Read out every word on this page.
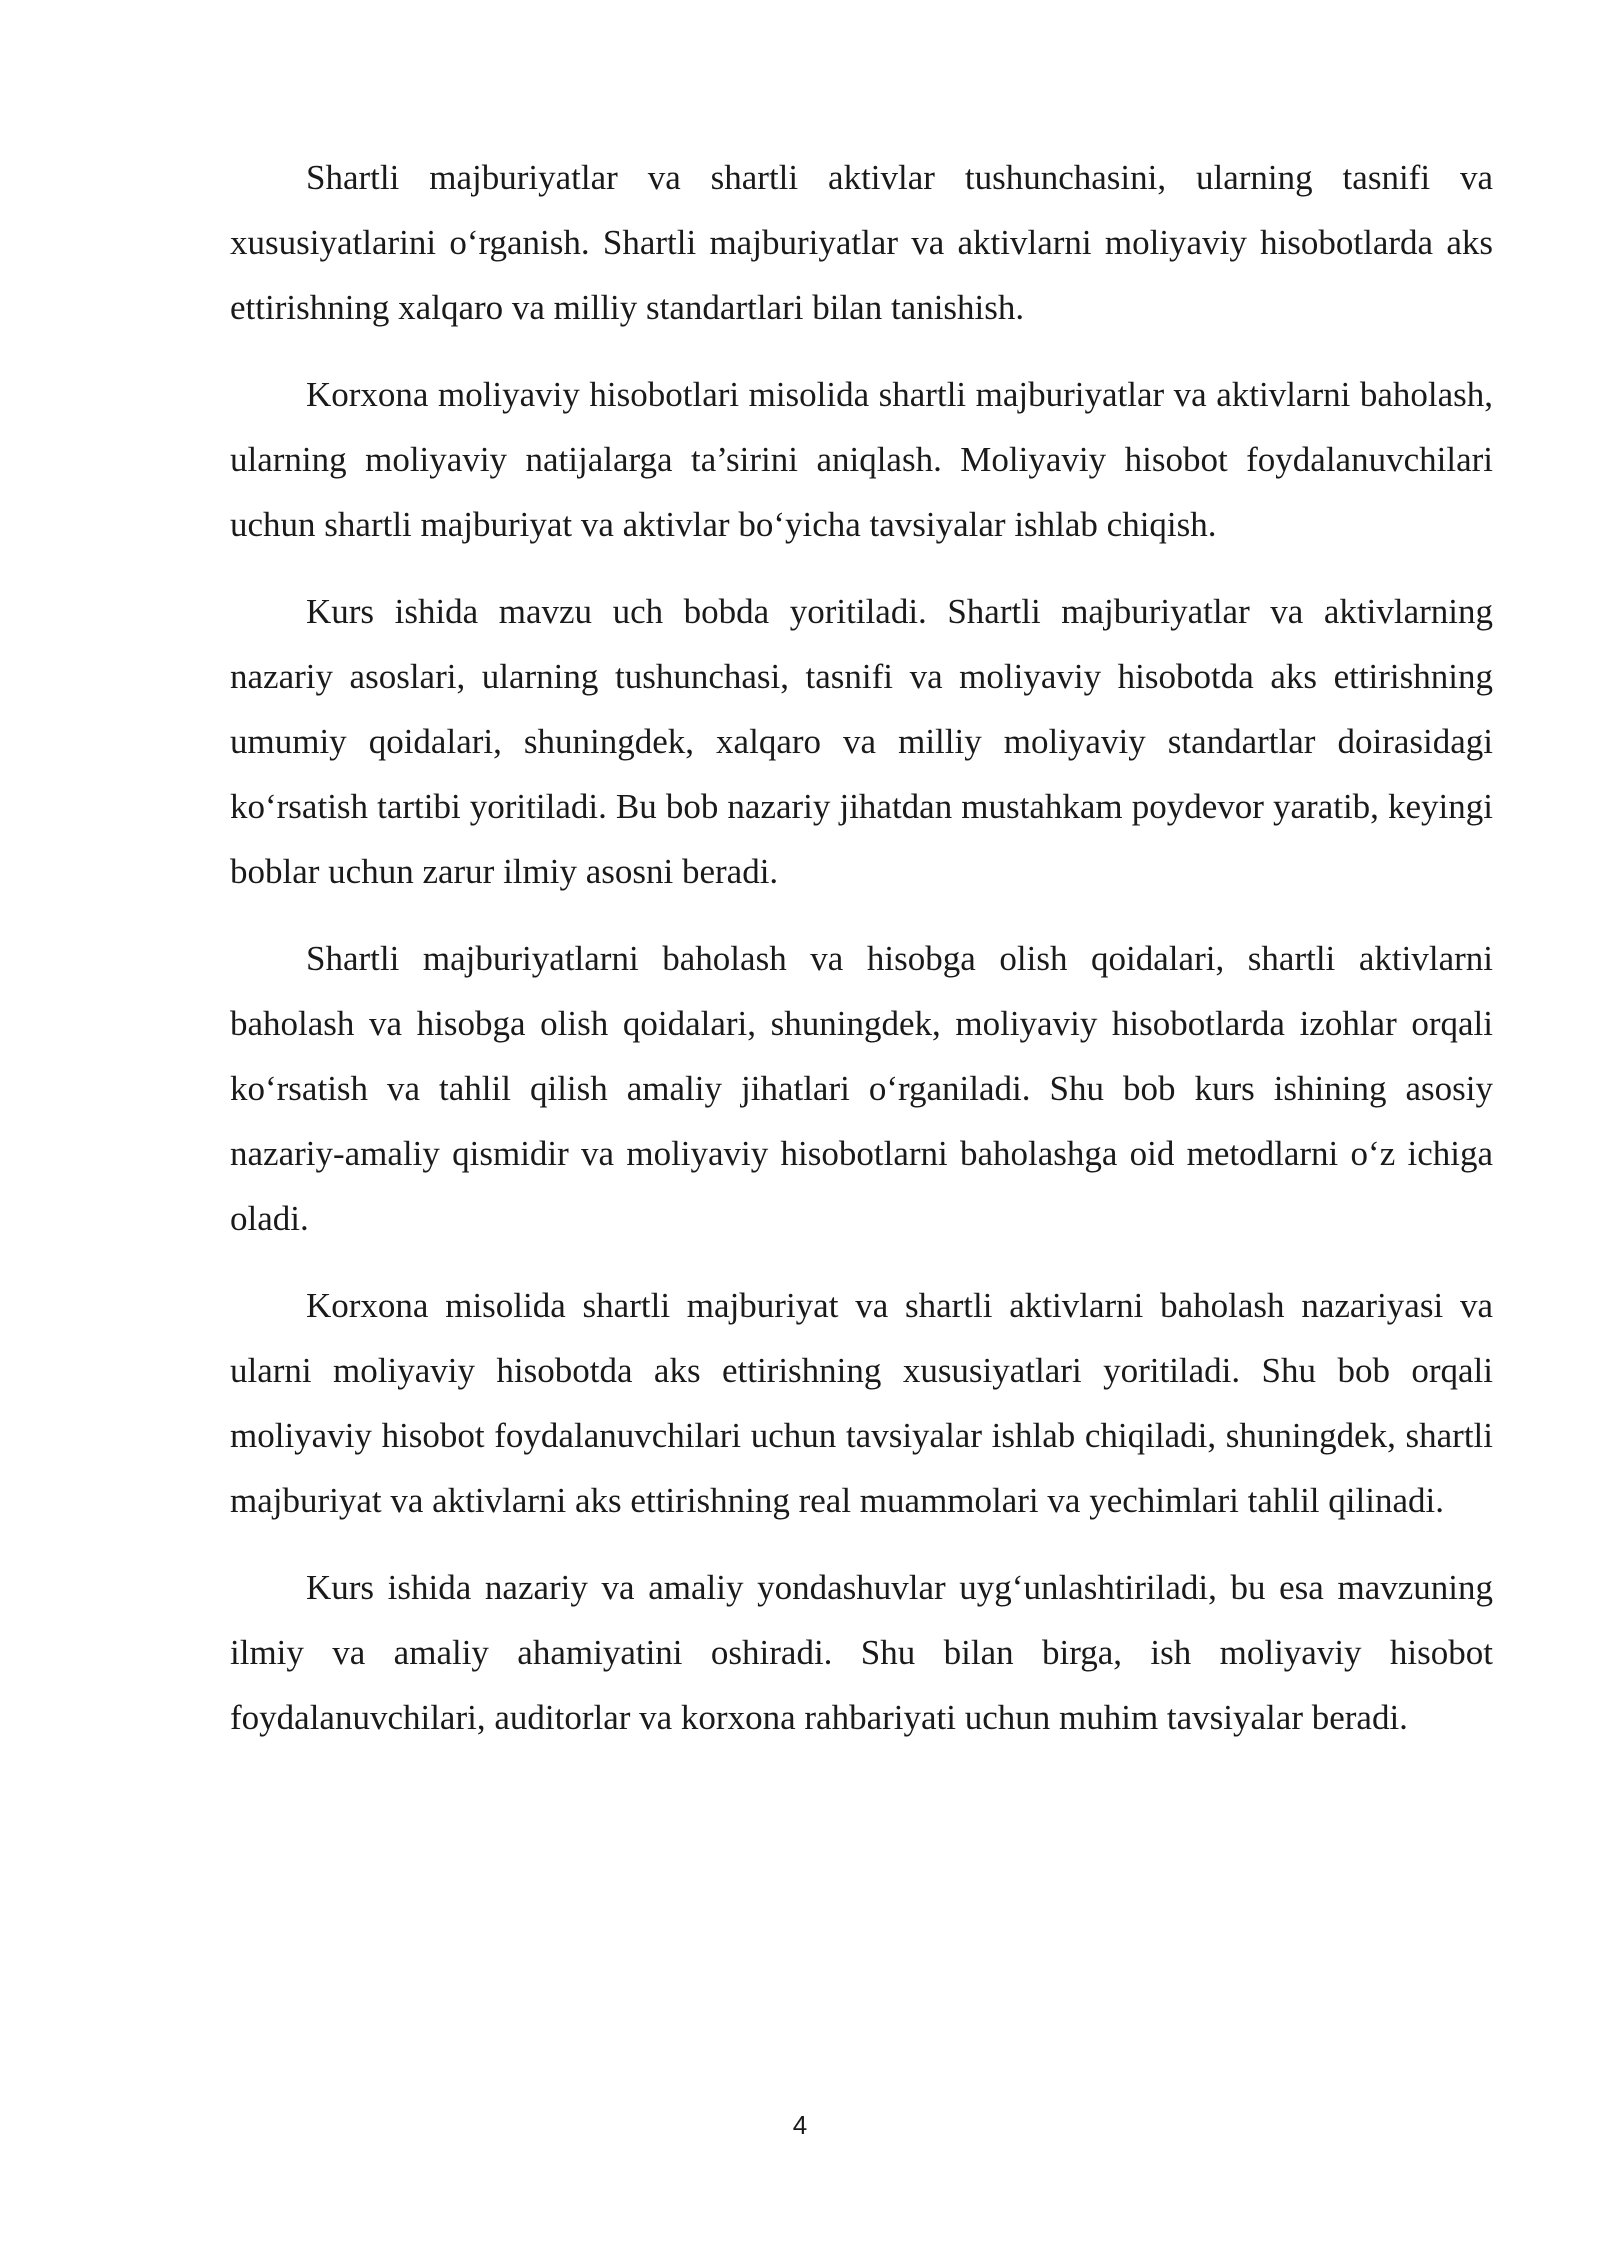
Shartli majburiyatlar va shartli aktivlar tushunchasini, ularning tasnifi va xususiyatlarini o‘rganish. Shartli majburiyatlar va aktivlarni moliyaviy hisobotlarda aks ettirishning xalqaro va milliy standartlari bilan tanishish.

Korxona moliyaviy hisobotlari misolida shartli majburiyatlar va aktivlarni baholash, ularning moliyaviy natijalarga ta’sirini aniqlash. Moliyaviy hisobot foydalanuvchilari uchun shartli majburiyat va aktivlar bo‘yicha tavsiyalar ishlab chiqish.

Kurs ishida mavzu uch bobda yoritiladi. Shartli majburiyatlar va aktivlarning nazariy asoslari, ularning tushunchasi, tasnifi va moliyaviy hisobotda aks ettirishning umumiy qoidalari, shuningdek, xalqaro va milliy moliyaviy standartlar doirasidagi ko‘rsatish tartibi yoritiladi. Bu bob nazariy jihatdan mustahkam poydevor yaratib, keyingi boblar uchun zarur ilmiy asosni beradi.

Shartli majburiyatlarni baholash va hisobga olish qoidalari, shartli aktivlarni baholash va hisobga olish qoidalari, shuningdek, moliyaviy hisobotlarda izohlar orqali ko‘rsatish va tahlil qilish amaliy jihatlari o‘rganiladi. Shu bob kurs ishining asosiy nazariy-amaliy qismidir va moliyaviy hisobotlarni baholashga oid metodlarni o‘z ichiga oladi.

Korxona misolida shartli majburiyat va shartli aktivlarni baholash nazariyasi va ularni moliyaviy hisobotda aks ettirishning xususiyatlari yoritiladi. Shu bob orqali moliyaviy hisobot foydalanuvchilari uchun tavsiyalar ishlab chiqiladi, shuningdek, shartli majburiyat va aktivlarni aks ettirishning real muammolari va yechimlari tahlil qilinadi.

Kurs ishida nazariy va amaliy yondashuvlar uyg‘unlashtiriladi, bu esa mavzuning ilmiy va amaliy ahamiyatini oshiradi. Shu bilan birga, ish moliyaviy hisobot foydalanuvchilari, auditorlar va korxona rahbariyati uchun muhim tavsiyalar beradi.

4
